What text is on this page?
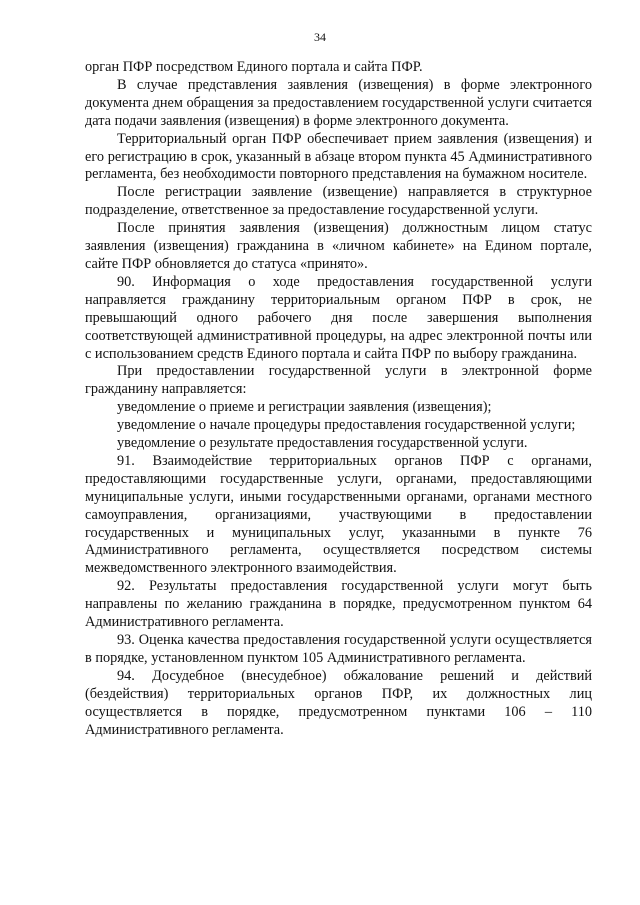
34

орган ПФР посредством Единого портала и сайта ПФР.

В случае представления заявления (извещения) в форме электронного документа днем обращения за предоставлением государственной услуги считается дата подачи заявления (извещения) в форме электронного документа.

Территориальный орган ПФР обеспечивает прием заявления (извещения) и его регистрацию в срок, указанный в абзаце втором пункта 45 Административного регламента, без необходимости повторного представления на бумажном носителе.

После регистрации заявление (извещение) направляется в структурное подразделение, ответственное за предоставление государственной услуги.

После принятия заявления (извещения) должностным лицом статус заявления (извещения) гражданина в «личном кабинете» на Едином портале, сайте ПФР обновляется до статуса «принято».

90. Информация о ходе предоставления государственной услуги направляется гражданину территориальным органом ПФР в срок, не превышающий одного рабочего дня после завершения выполнения соответствующей административной процедуры, на адрес электронной почты или с использованием средств Единого портала и сайта ПФР по выбору гражданина.

При предоставлении государственной услуги в электронной форме гражданину направляется:

уведомление о приеме и регистрации заявления (извещения);

уведомление о начале процедуры предоставления государственной услуги;

уведомление о результате предоставления государственной услуги.

91. Взаимодействие территориальных органов ПФР с органами, предоставляющими государственные услуги, органами, предоставляющими муниципальные услуги, иными государственными органами, органами местного самоуправления, организациями, участвующими в предоставлении государственных и муниципальных услуг, указанными в пункте 76 Административного регламента, осуществляется посредством системы межведомственного электронного взаимодействия.

92. Результаты предоставления государственной услуги могут быть направлены по желанию гражданина в порядке, предусмотренном пунктом 64 Административного регламента.

93. Оценка качества предоставления государственной услуги осуществляется в порядке, установленном пунктом 105 Административного регламента.

94. Досудебное (внесудебное) обжалование решений и действий (бездействия) территориальных органов ПФР, их должностных лиц осуществляется в порядке, предусмотренном пунктами 106 – 110 Административного регламента.
